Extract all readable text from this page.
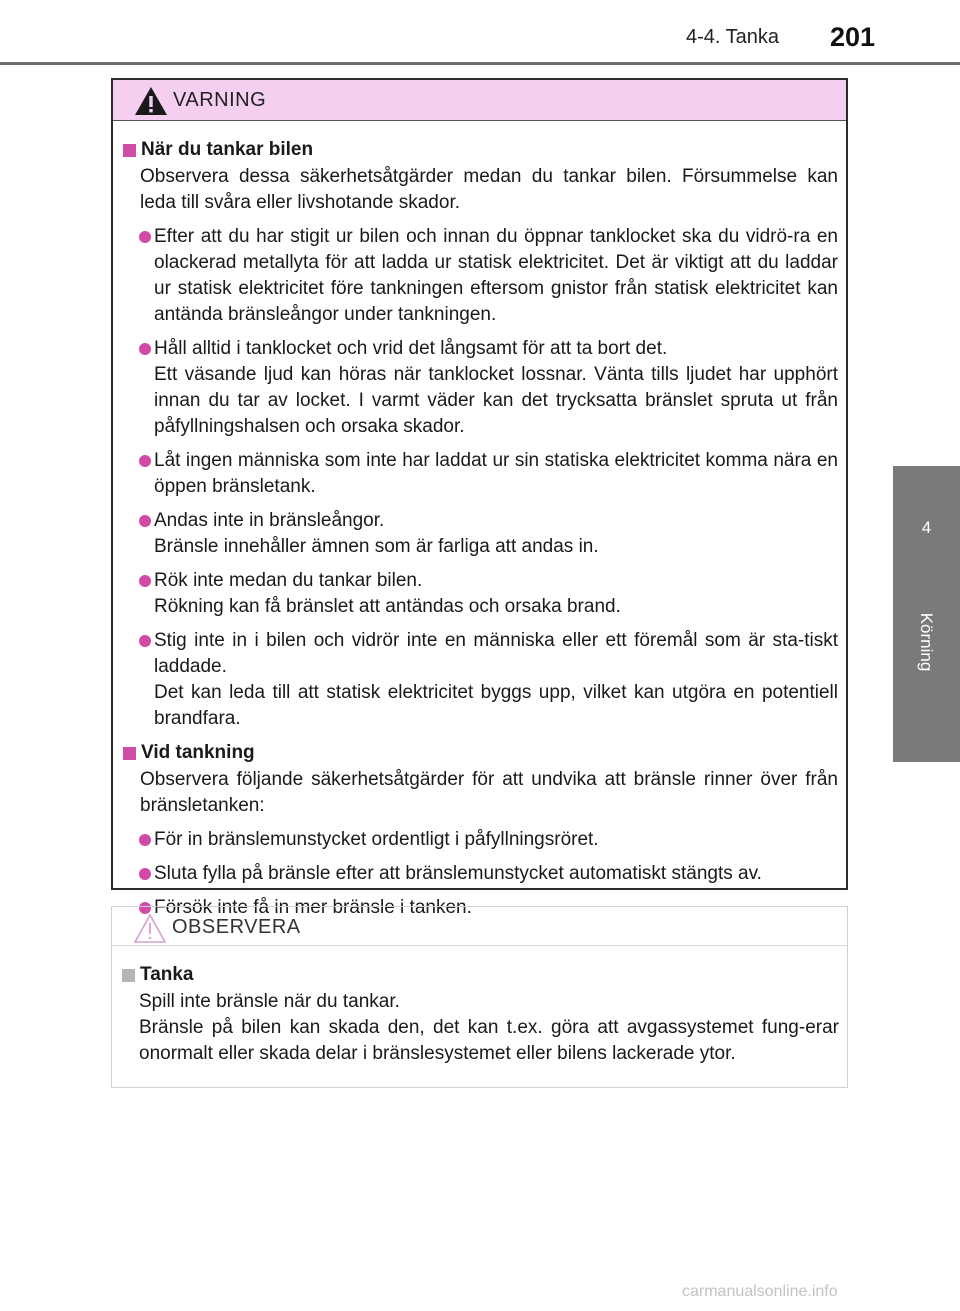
4-4. Tanka 201
4
Körning
VARNING
När du tankar bilen
Observera dessa säkerhetsåtgärder medan du tankar bilen. Försummelse kan leda till svåra eller livshotande skador.
Efter att du har stigit ur bilen och innan du öppnar tanklocket ska du vidrö-ra en olackerad metallyta för att ladda ur statisk elektricitet. Det är viktigt att du laddar ur statisk elektricitet före tankningen eftersom gnistor från statisk elektricitet kan antända bränsleångor under tankningen.
Håll alltid i tanklocket och vrid det långsamt för att ta bort det.
Ett väsande ljud kan höras när tanklocket lossnar. Vänta tills ljudet har upphört innan du tar av locket. I varmt väder kan det trycksatta bränslet spruta ut från påfyllningshalsen och orsaka skador.
Låt ingen människa som inte har laddat ur sin statiska elektricitet komma nära en öppen bränsletank.
Andas inte in bränsleångor.
Bränsle innehåller ämnen som är farliga att andas in.
Rök inte medan du tankar bilen.
Rökning kan få bränslet att antändas och orsaka brand.
Stig inte in i bilen och vidrör inte en människa eller ett föremål som är sta-tiskt laddade.
Det kan leda till att statisk elektricitet byggs upp, vilket kan utgöra en potentiell brandfara.
Vid tankning
Observera följande säkerhetsåtgärder för att undvika att bränsle rinner över från bränsletanken:
För in bränslemunstycket ordentligt i påfyllningsröret.
Sluta fylla på bränsle efter att bränslemunstycket automatiskt stängts av.
Försök inte få in mer bränsle i tanken.
OBSERVERA
Tanka
Spill inte bränsle när du tankar.
Bränsle på bilen kan skada den, det kan t.ex. göra att avgassystemet fung-erar onormalt eller skada delar i bränslesystemet eller bilens lackerade ytor.
carmanualsonline.info
